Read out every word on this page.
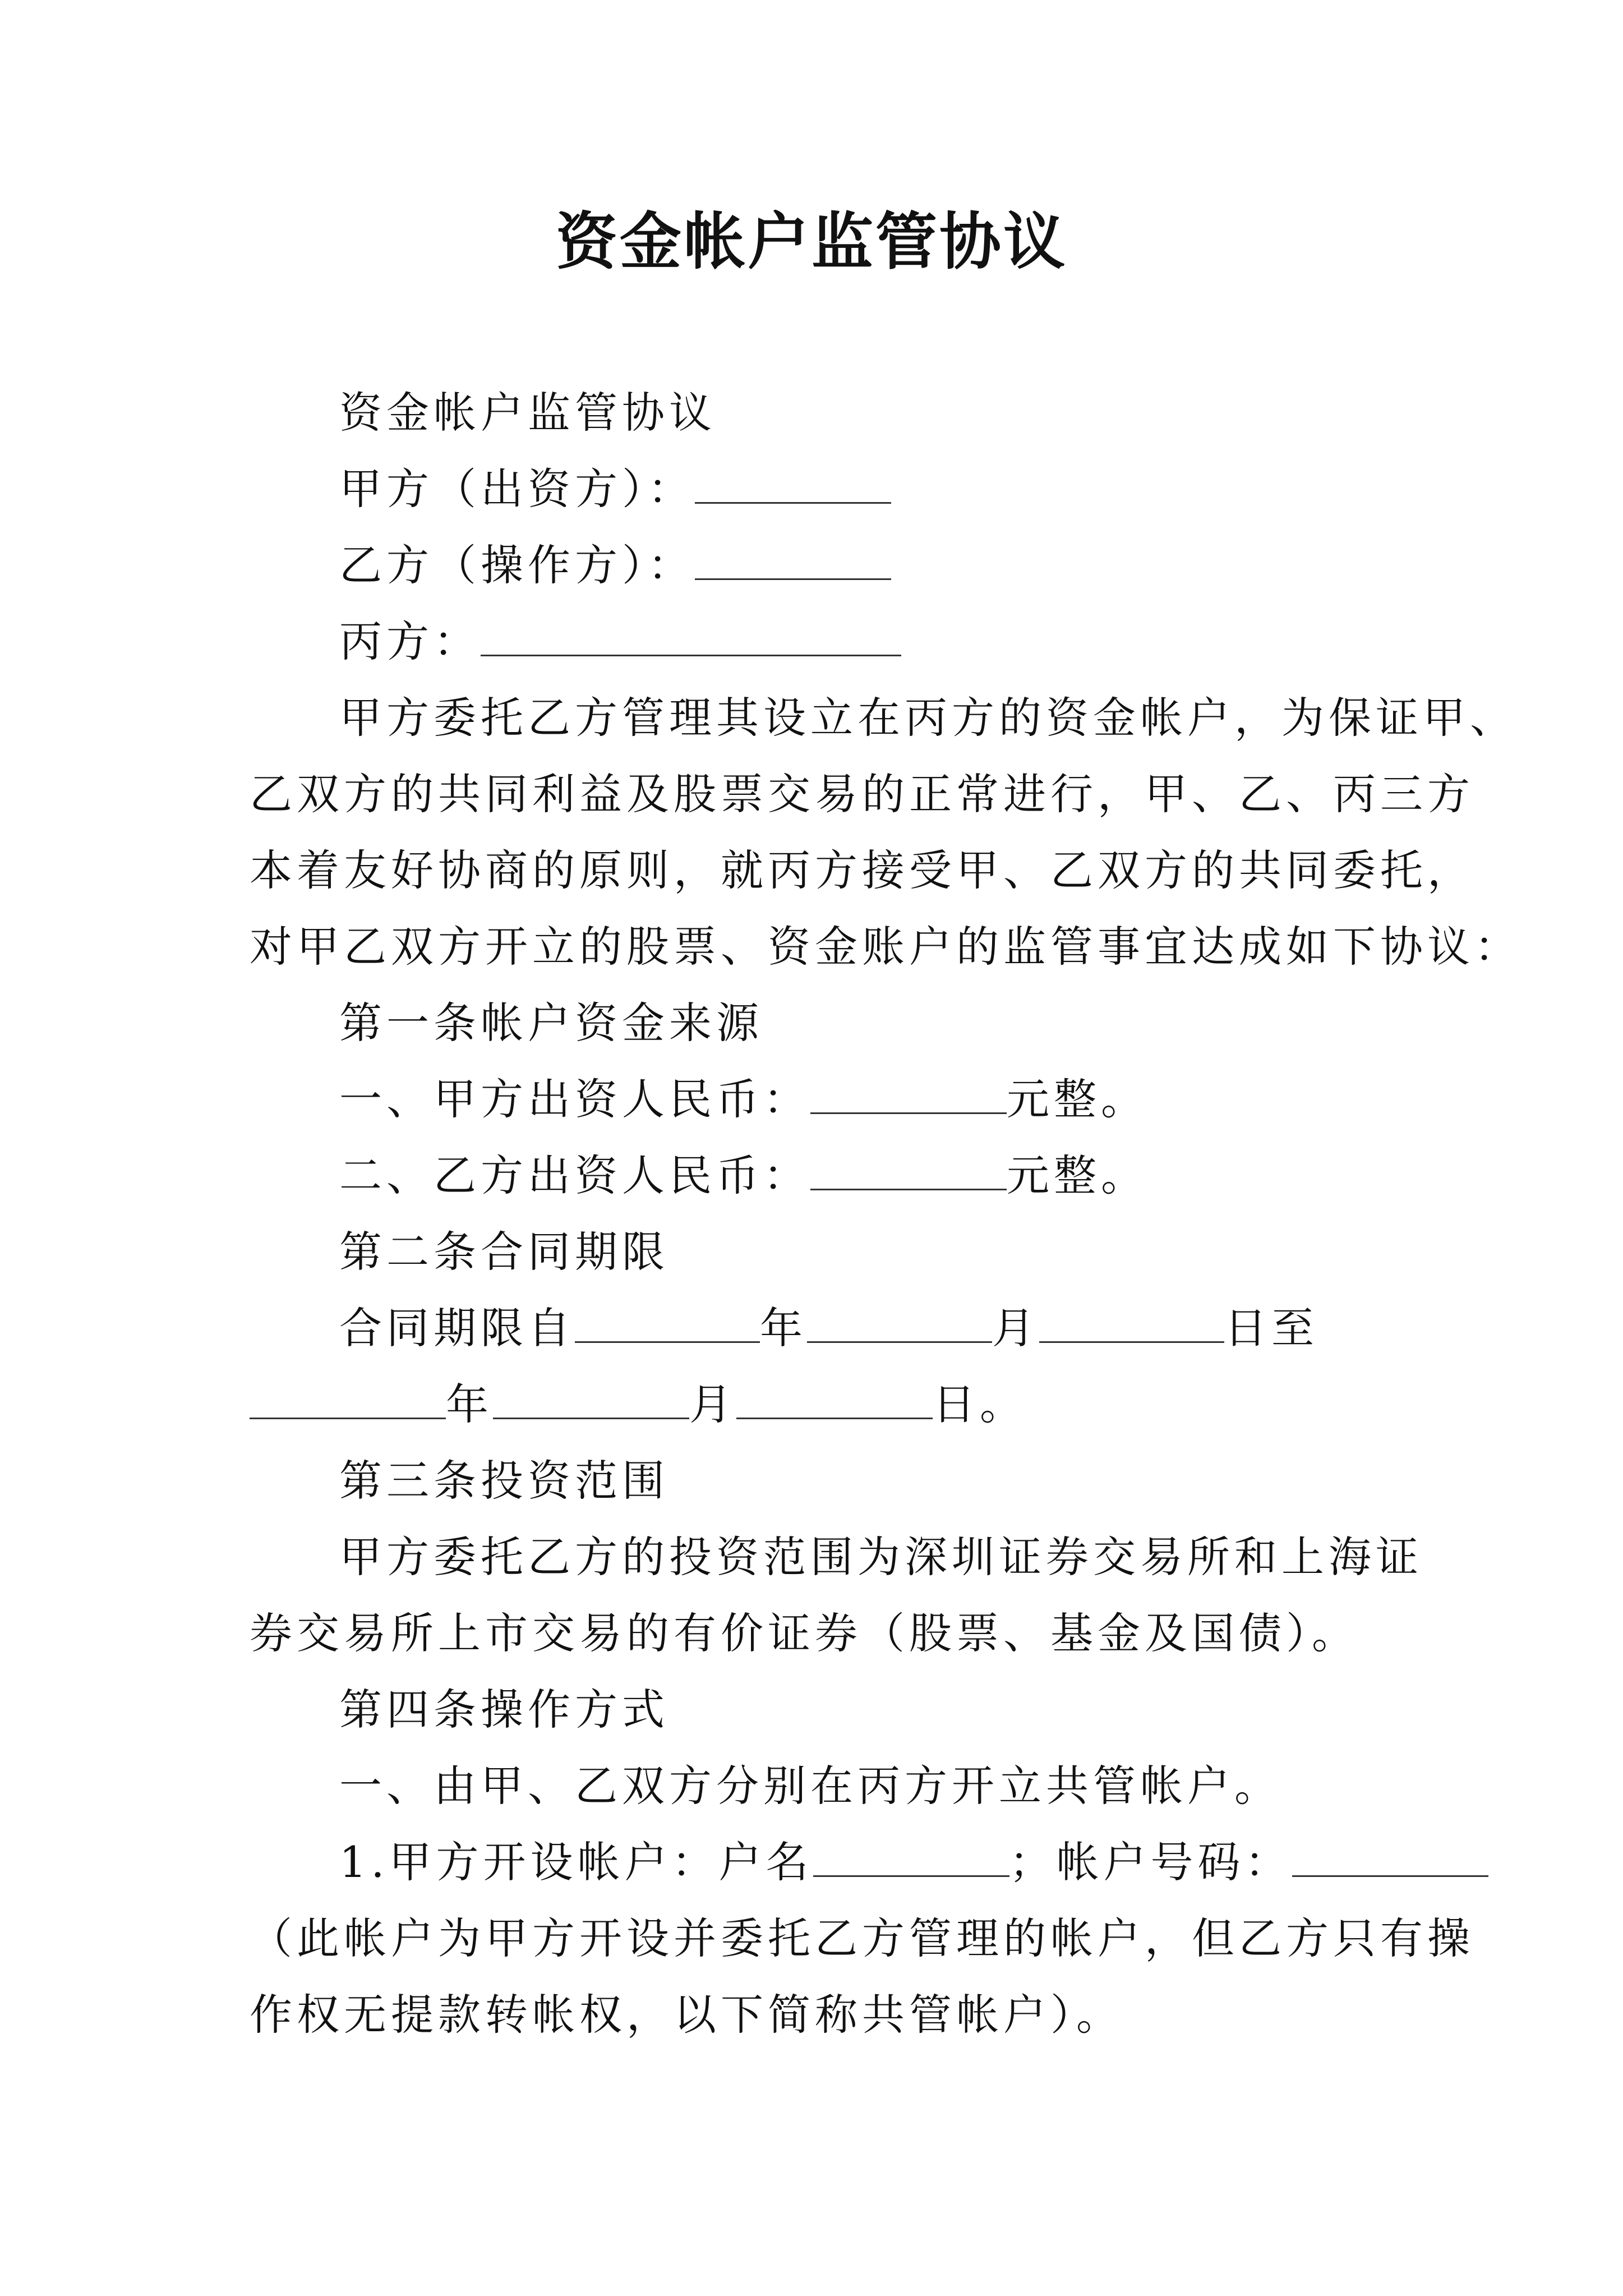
资金帐户监管协议
资金帐户监管协议
甲方（出资方）：
乙方（操作方）：
丙方：
甲方委托乙方管理其设立在丙方的资金帐户，为保证甲、
乙双方的共同利益及股票交易的正常进行，甲、乙、丙三方
本着友好协商的原则，就丙方接受甲、乙双方的共同委托，
对甲乙双方开立的股票、资金账户的监管事宜达成如下协议：
第一条帐户资金来源
一、甲方出资人民币：	元整。
二、乙方出资人民币：	元整。
第二条合同期限
合同期限自	年	月	日至
年	月	日。
第三条投资范围
甲方委托乙方的投资范围为深圳证券交易所和上海证
券交易所上市交易的有价证券（股票、基金及国债）。
第四条操作方式
一、由甲、乙双方分别在丙方开立共管帐户。
1.甲方开设帐户：户名	；帐户号码：
（此帐户为甲方开设并委托乙方管理的帐户，但乙方只有操
作权无提款转帐权，以下简称共管帐户）。
